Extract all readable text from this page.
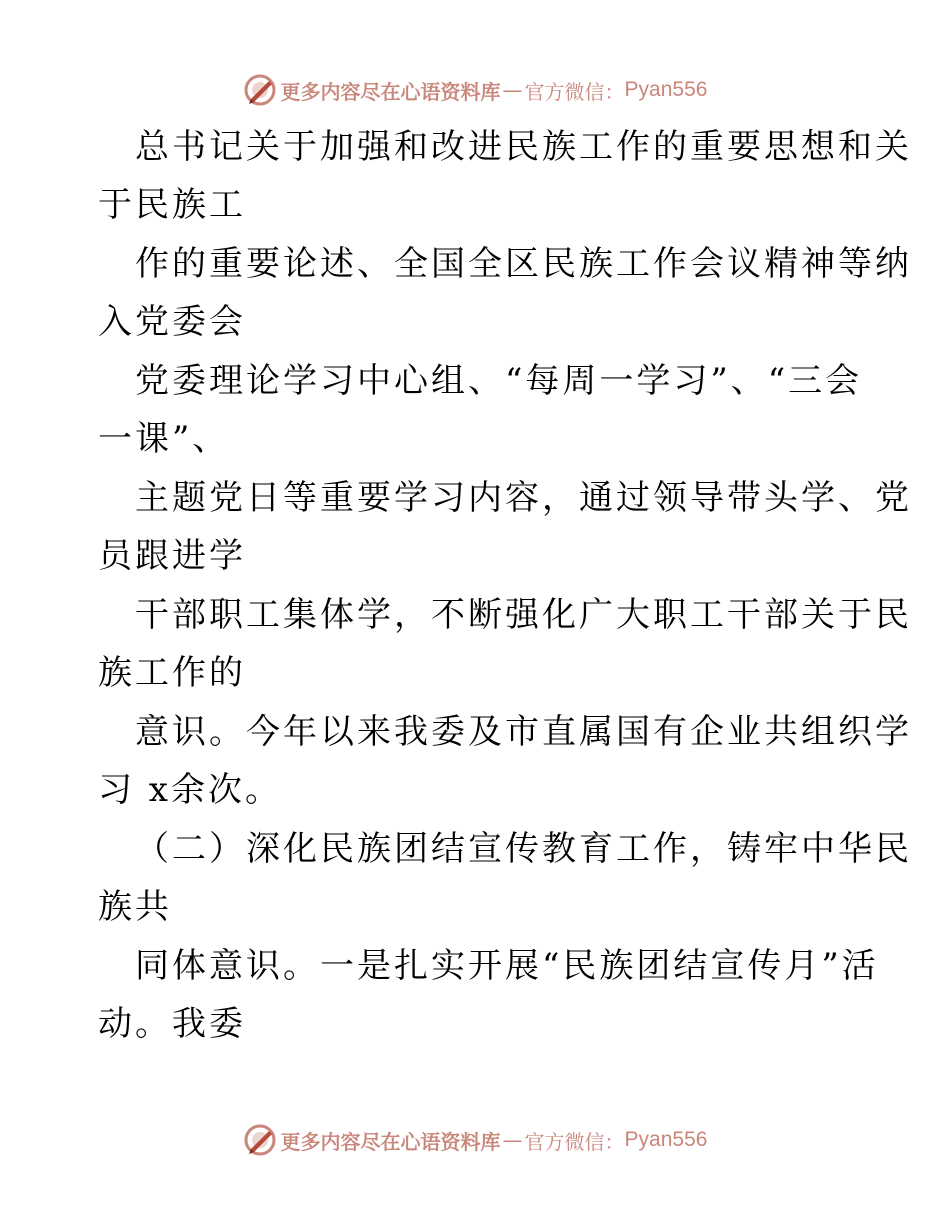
更多内容尽在心语资料库 — 官方微信： Pyan556
总书记关于加强和改进民族工作的重要思想和关
于民族工
作的重要论述、全国全区民族工作会议精神等纳
入党委会
党委理论学习中心组、“每周一学习”、“三会
一课”、
主题党日等重要学习内容，通过领导带头学、党
员跟进学
干部职工集体学，不断强化广大职工干部关于民
族工作的
意识。今年以来我委及市直属国有企业共组织学
习 x余次。
（二）深化民族团结宣传教育工作，铸牢中华民
族共
同体意识。一是扎实开展“民族团结宣传月”活
动。我委
更多内容尽在心语资料库 — 官方微信： Pyan556
